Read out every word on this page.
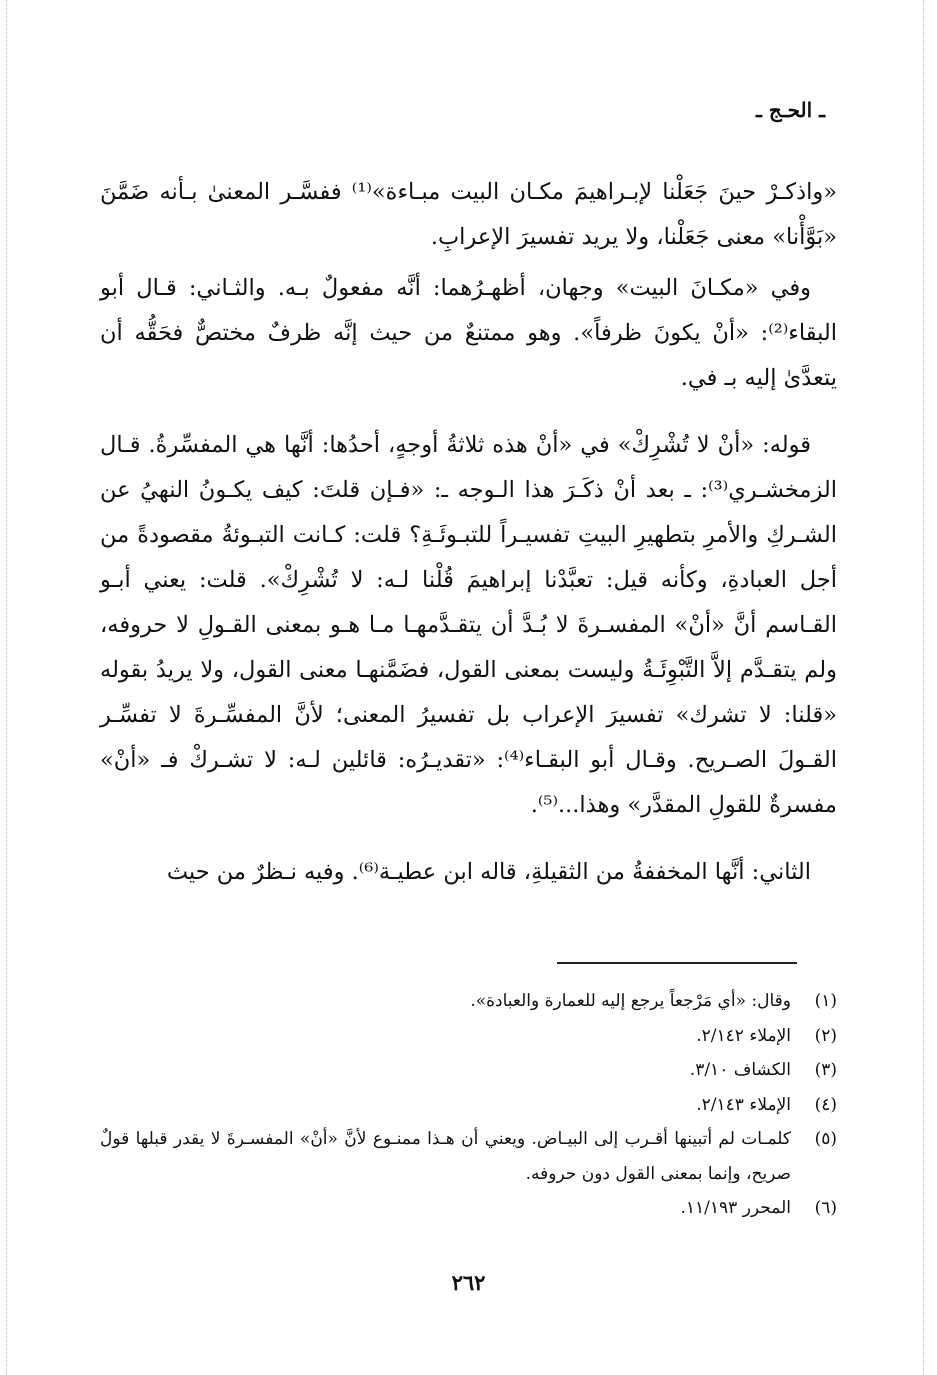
ـ الحـج ـ

«واذكـرْ حينَ جَعَلْنا لإبـراهيمَ مكـان البيت مبـاءة»⁽¹⁾ ففسَّـر المعنىٰ بـأنه ضَمَّنَ «بَوَّأْنا» معنى جَعَلْنا، ولا يريد تفسيرَ الإعرابِ.

وفي «مكـانَ البيت» وجهان، أظهـرُهما: أنَّه مفعولٌ بـه. والثـاني: قـال أبو البقاء⁽²⁾: «أنْ يكونَ ظرفاً». وهو ممتنعٌ من حيث إنَّه ظرفٌ مختصٌّ فحَقُّه أن يتعدَّىٰ إليه بـ في.

قوله: «أنْ لا تُشْرِكْ» في «أنْ هذه ثلاثةُ أوجهٍ، أحدُها: أنَّها هي المفسِّرةُ. قـال الزمخشـري⁽³⁾: ـ بعد أنْ ذكَـرَ هذا الـوجه ـ: «فـإن قلتَ: كيف يكـونُ النهيُ عن الشـركِ والأمرِ بتطهيرِ البيتِ تفسيـراً للتبـوئَـةِ؟ قلت: كـانت التبـوئةُ مقصودةً من أجل العبادةِ، وكأنه قيل: تعبَّدْنا إبراهيمَ قُلْنا لـه: لا تُشْرِكْ». قلت: يعني أبـو القـاسم أنَّ «أنْ» المفسـرةَ لا بُـدَّ أن يتقـدَّمهـا مـا هـو بمعنى القـولِ لا حروفه، ولم يتقـدَّم إلاَّ التَّبْوِئَـةُ وليست بمعنى القول، فضَمَّنهـا معنى القول، ولا يريدُ بقوله «قلنا: لا تشرك» تفسيرَ الإعراب بل تفسيرُ المعنى؛ لأنَّ المفسِّـرةَ لا تفسِّـر القـولَ الصـريح. وقـال أبو البقـاء⁽⁴⁾: «تقديـرُه: قائلين لـه: لا تشـركْ فـ «أنْ» مفسرةٌ للقولِ المقدَّر» وهذا...⁽⁵⁾.

الثاني: أنَّها المخففةُ من الثقيلةِ، قاله ابن عطيـة⁽⁶⁾. وفيه نـظرٌ من حيث

(١)
وقال: «أي مَرْجعاً يرجع إليه للعمارة والعبادة».
(٢)
الإملاء ٢/١٤٢.
(٣)
الكشاف ٣/١٠.
(٤)
الإملاء ٢/١٤٣.
(٥)
كلمـات لم أتبينها أقـرب إلى البيـاض. ويعني أن هـذا ممنـوع لأنَّ «أنْ» المفسـرةَ لا يقدر قبلها قولٌ صريح، وإنما بمعنى القول دون حروفه.
(٦)
المحرر ١١/١٩٣.
٢٦٢
